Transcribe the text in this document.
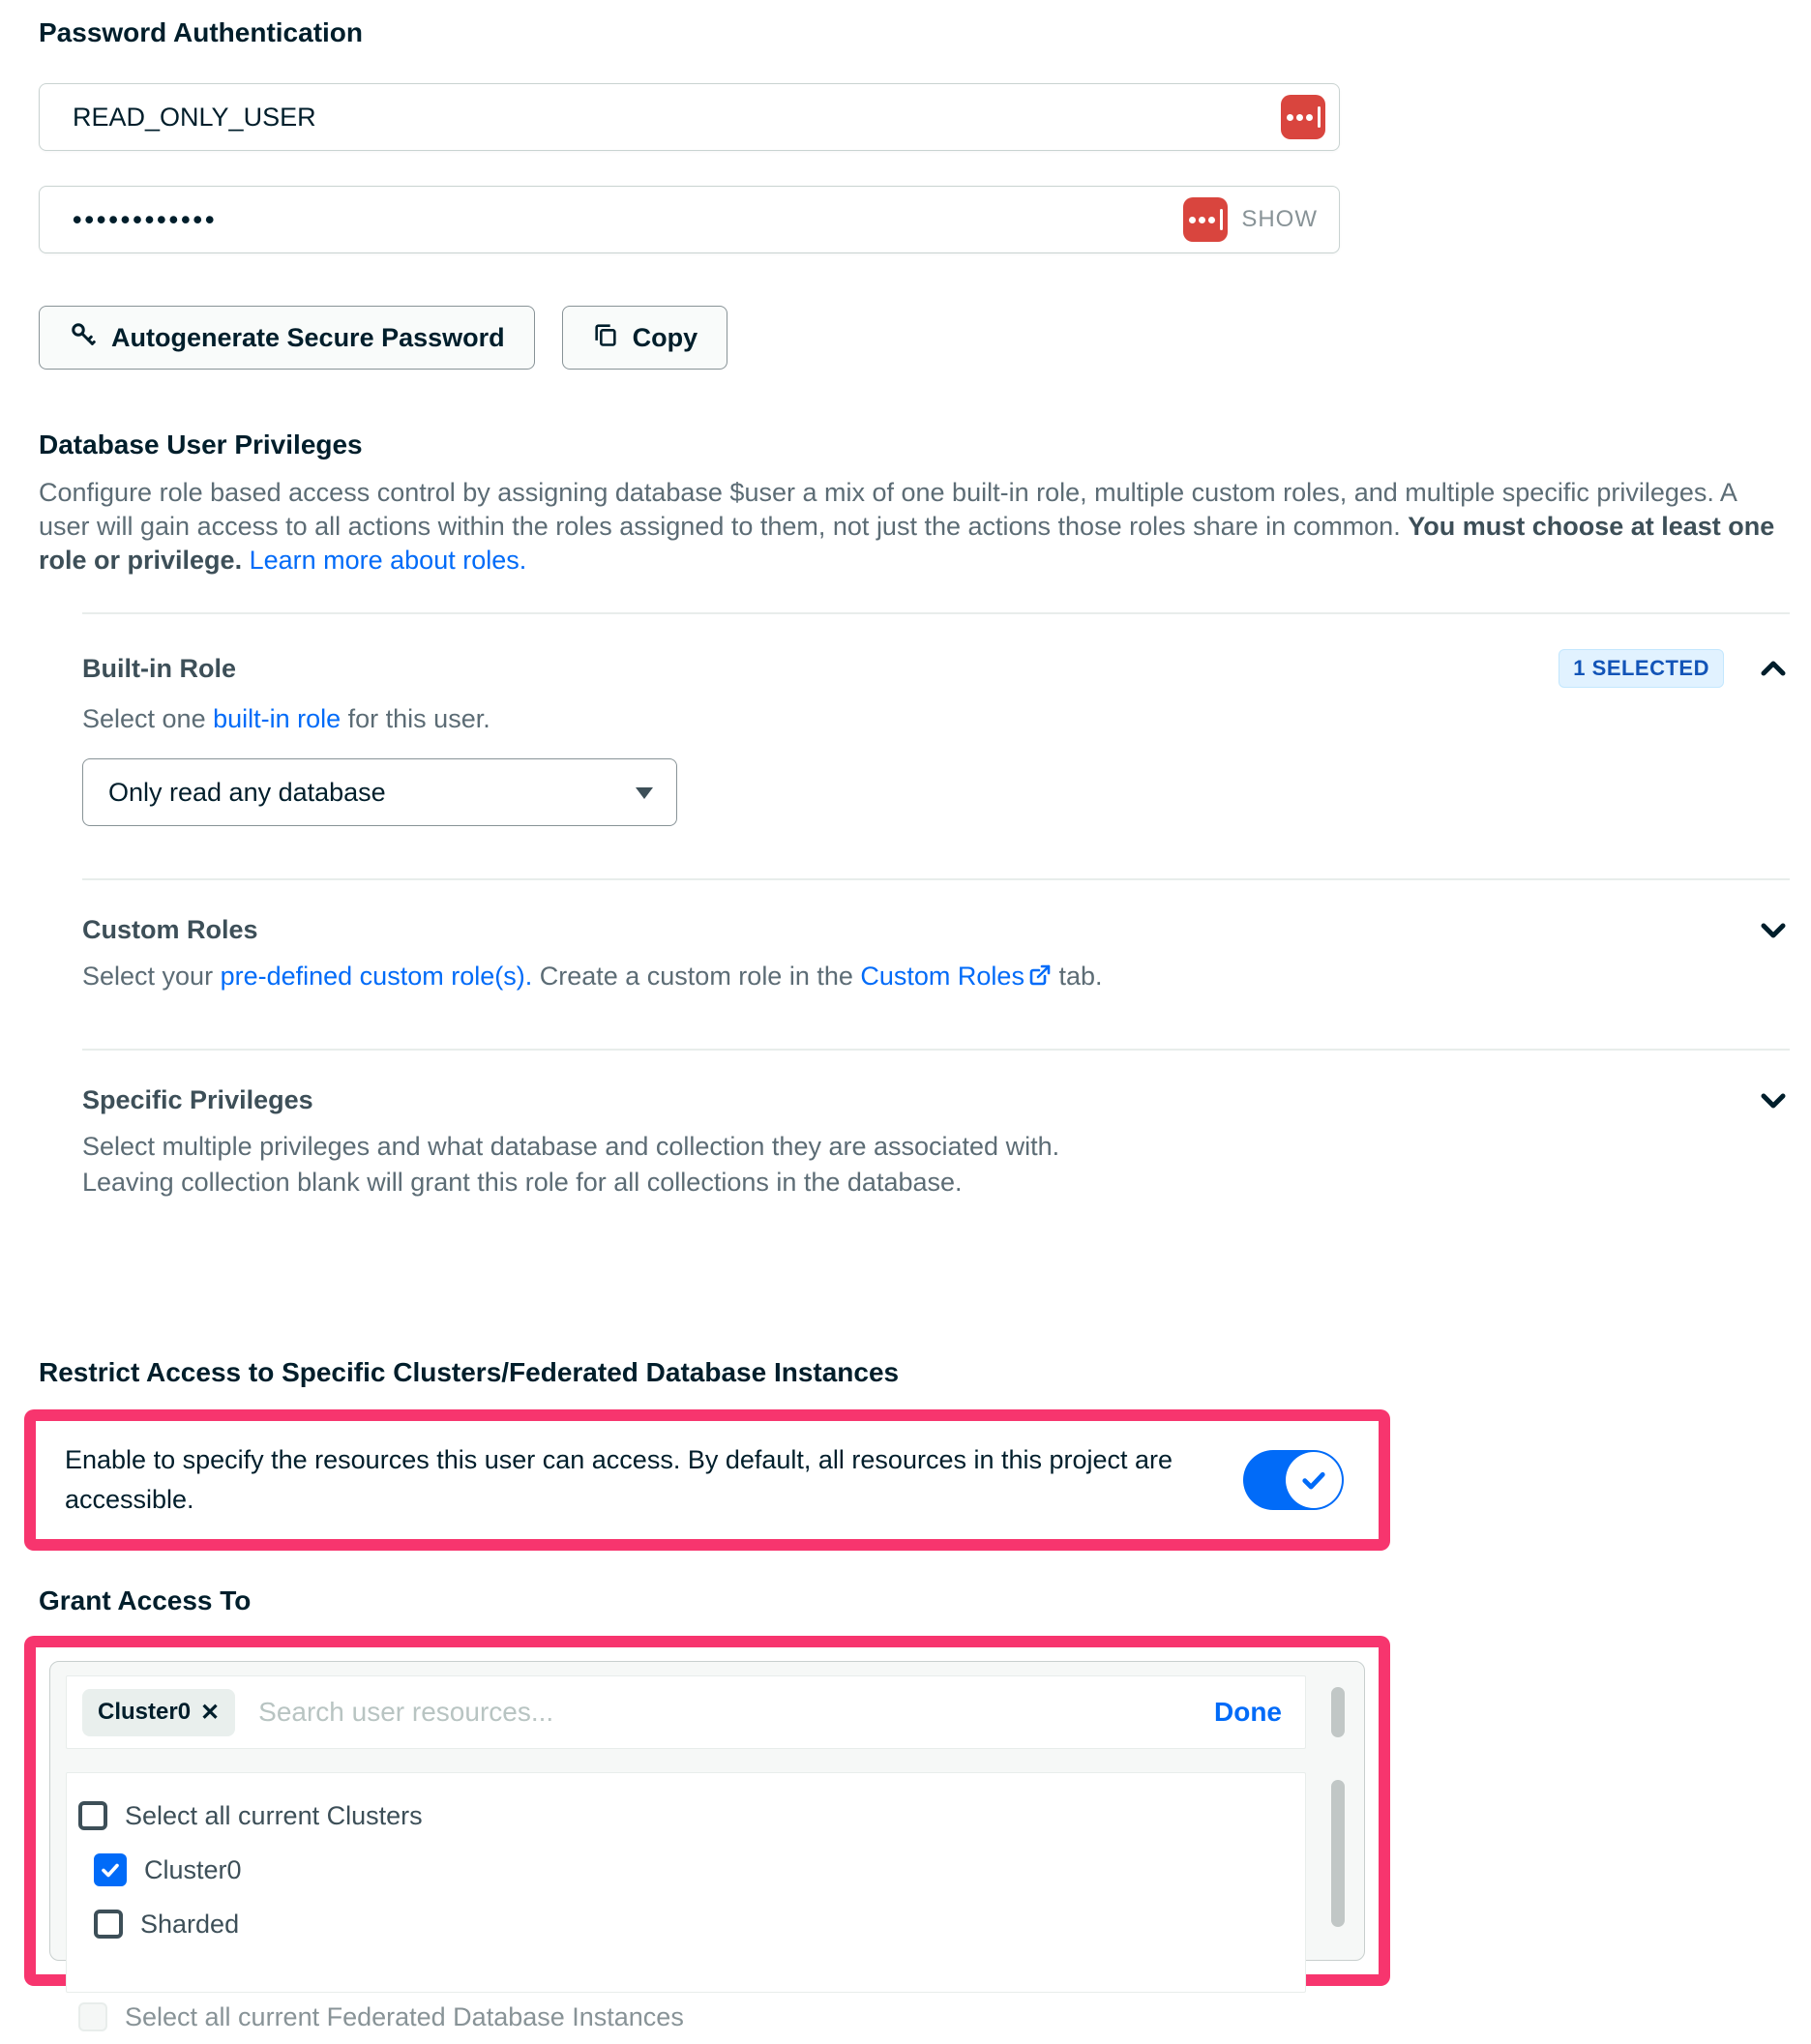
Password Authentication
READ_ONLY_USER
••••••••••••
SHOW
Autogenerate Secure Password	Copy
Database User Privileges

Configure role based access control by assigning database $user a mix of one built-in role, multiple custom roles, and multiple specific privileges. A user will gain access to all actions within the roles assigned to them, not just the actions those roles share in common. You must choose at least one role or privilege. Learn more about roles.

Built-in Role	1 SELECTED

Select one built-in role for this user.

Only read any database
Custom Roles

Select your pre-defined custom role(s). Create a custom role in the Custom Roles tab.

Specific Privileges

Select multiple privileges and what database and collection they are associated with.
Leaving collection blank will grant this role for all collections in the database.

Restrict Access to Specific Clusters/Federated Database Instances

Enable to specify the resources this user can access. By default, all resources in this project are accessible.

Grant Access To
Cluster0 ✕
Search user resources...	Done
Select all current Clusters
Cluster0
Sharded
Select all current Federated Database Instances
